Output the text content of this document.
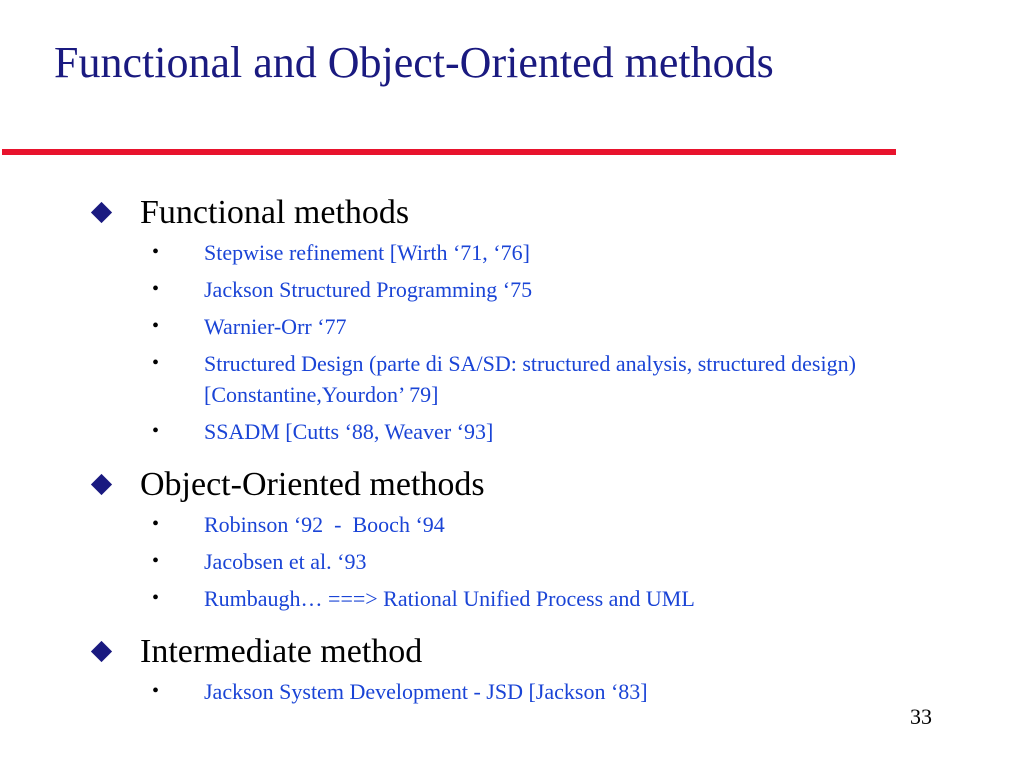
Functional and Object-Oriented methods
Functional methods
• Stepwise refinement [Wirth ‘71, ‘76]
• Jackson Structured Programming ‘75
• Warnier-Orr ‘77
• Structured Design (parte di SA/SD: structured analysis, structured design) [Constantine,Yourdon’ 79]
• SSADM [Cutts ‘88, Weaver ‘93]
Object-Oriented methods
• Robinson ‘92  -  Booch ‘94
• Jacobsen et al. ‘93
• Rumbaugh… ===> Rational Unified Process and UML
Intermediate method
• Jackson System Development - JSD [Jackson ‘83]
33
